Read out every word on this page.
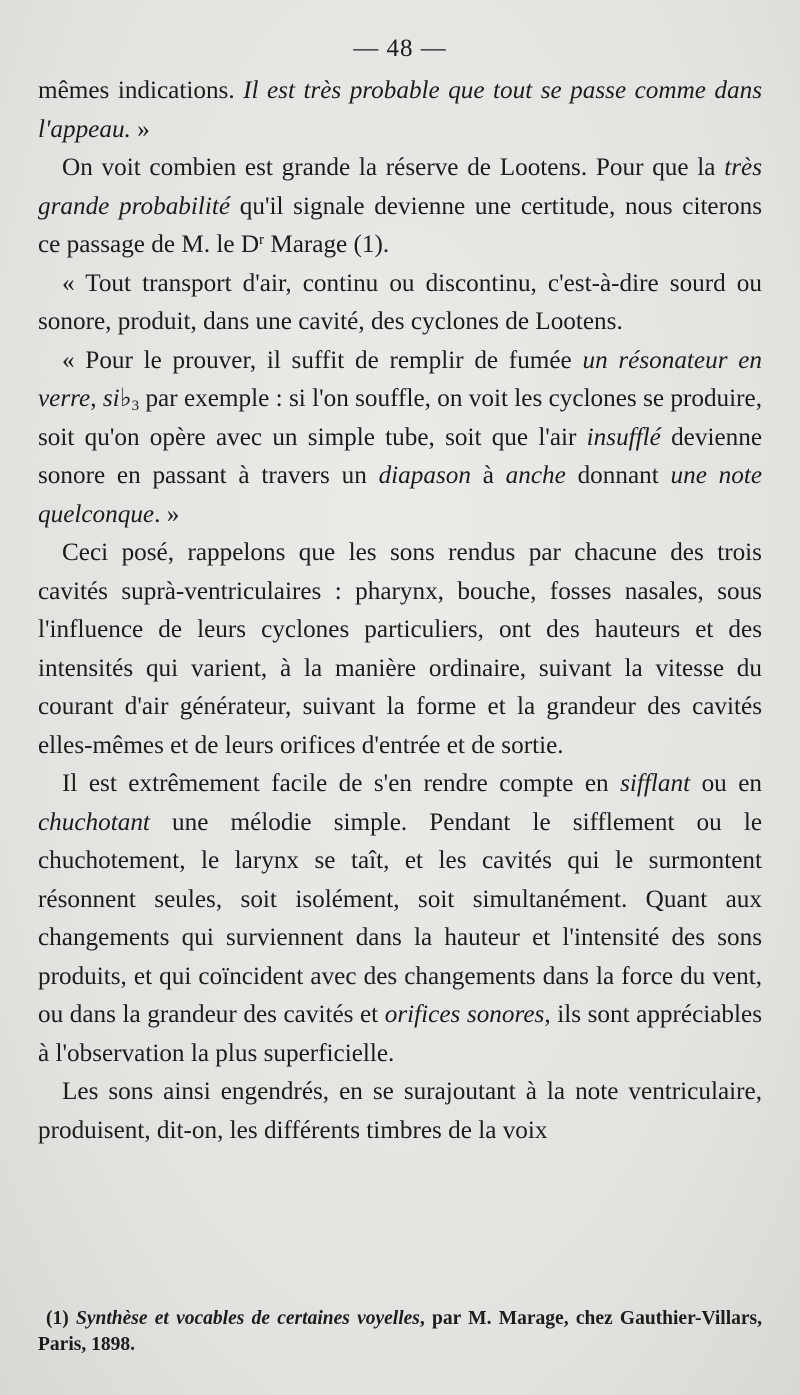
— 48 —

mêmes indications. Il est très probable que tout se passe comme dans l'appeau. »

On voit combien est grande la réserve de Lootens. Pour que la très grande probabilité qu'il signale devienne une certitude, nous citerons ce passage de M. le $D^r$ Marage (1).

« Tout transport d'air, continu ou discontinu, c'est-à-dire sourd ou sonore, produit, dans une cavité, des cyclones de Lootens.

« Pour le prouver, il suffit de remplir de fumée un résonateur en verre, $si♭_3$ par exemple : si l'on souffle, on voit les cyclones se produire, soit qu'on opère avec un simple tube, soit que l'air insufflé devienne sonore en passant à travers un diapason à anche donnant une note quelconque. »

Ceci posé, rappelons que les sons rendus par chacune des trois cavités suprà-ventriculaires : pharynx, bouche, fosses nasales, sous l'influence de leurs cyclones particuliers, ont des hauteurs et des intensités qui varient, à la manière ordinaire, suivant la vitesse du courant d'air générateur, suivant la forme et la grandeur des cavités elles-mêmes et de leurs orifices d'entrée et de sortie.

Il est extrêmement facile de s'en rendre compte en sifflant ou en chuchotant une mélodie simple. Pendant le sifflement ou le chuchotement, le larynx se taît, et les cavités qui le surmontent résonnent seules, soit isolément, soit simultanément. Quant aux changements qui surviennent dans la hauteur et l'intensité des sons produits, et qui coïncident avec des changements dans la force du vent, ou dans la grandeur des cavités et orifices sonores, ils sont appréciables à l'observation la plus superficielle.

Les sons ainsi engendrés, en se surajoutant à la note ventriculaire, produisent, dit-on, les différents timbres de la voix

(1) Synthèse et vocables de certaines voyelles, par M. Marage, chez Gauthier-Villars, Paris, 1898.
